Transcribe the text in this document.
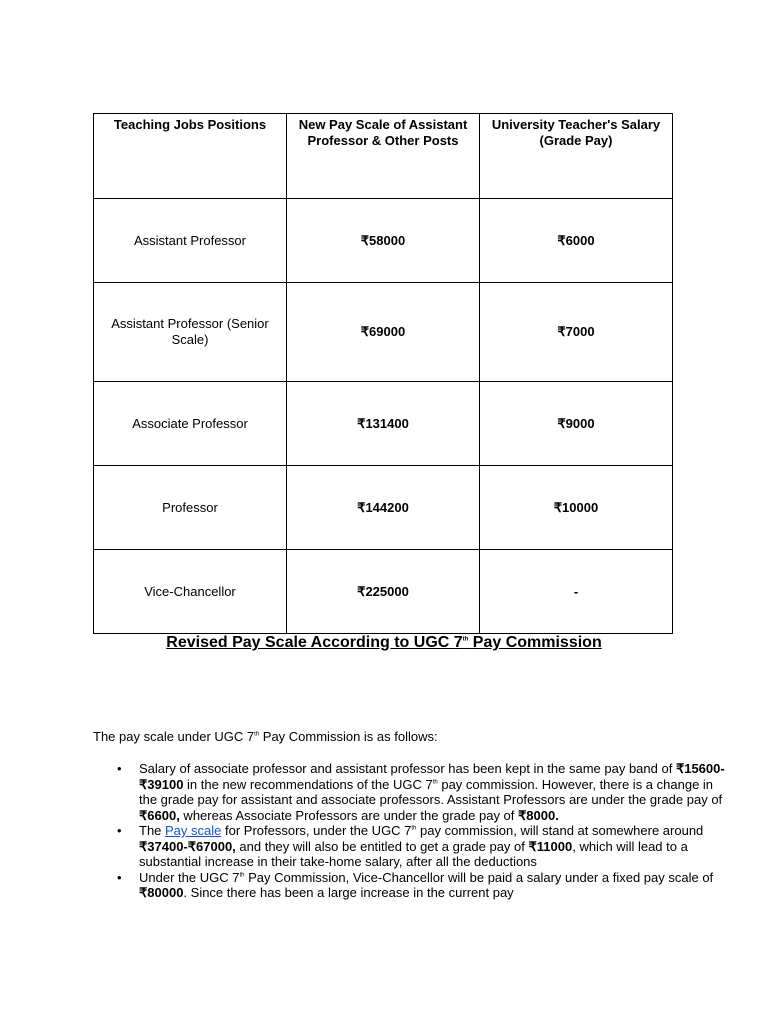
Teaching Jobs Positions	New Pay Scale of Assistant Professor & Other Posts	University Teacher's Salary (Grade Pay)
Assistant Professor	₹58000	₹6000
Assistant Professor (Senior Scale)	₹69000	₹7000
Associate Professor	₹131400	₹9000
Professor	₹144200	₹10000
Vice-Chancellor	₹225000	-
Revised Pay Scale According to UGC 7th Pay Commission

The pay scale under UGC 7th Pay Commission is as follows:

• Salary of associate professor and assistant professor has been kept in the same pay band of ₹15600-₹39100 in the new recommendations of the UGC 7th pay commission. However, there is a change in the grade pay for assistant and associate professors. Assistant Professors are under the grade pay of ₹6600, whereas Associate Professors are under the grade pay of ₹8000.
• The Pay scale for Professors, under the UGC 7th pay commission, will stand at somewhere around ₹37400-₹67000, and they will also be entitled to get a grade pay of ₹11000, which will lead to a substantial increase in their take-home salary, after all the deductions
• Under the UGC 7th Pay Commission, Vice-Chancellor will be paid a salary under a fixed pay scale of ₹80000. Since there has been a large increase in the current pay
